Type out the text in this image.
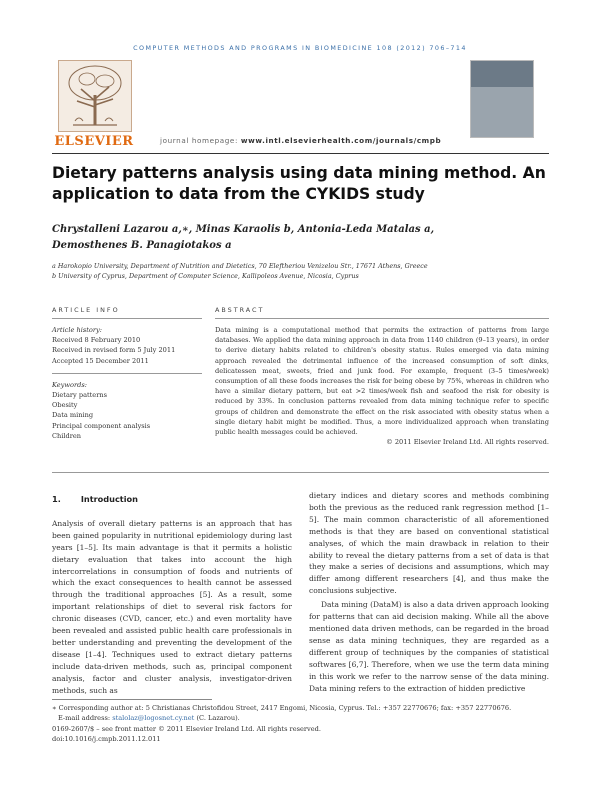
COMPUTER METHODS AND PROGRAMS IN BIOMEDICINE 108 (2012) 706–714
ELSEVIER	journal homepage: www.intl.elsevierhealth.com/journals/cmpb
Dietary patterns analysis using data mining method. An application to data from the CYKIDS study
Chrystalleni Lazarou a,∗, Minas Karaolis b, Antonia-Leda Matalas a,
Demosthenes B. Panagiotakos a
a Harokopio University, Department of Nutrition and Dietetics, 70 Eleftheriou Venizelou Str., 17671 Athens, Greece
b University of Cyprus, Department of Computer Science, Kallipoleos Avenue, Nicosia, Cyprus
ARTICLE INFO	ABSTRACT
Article history:
Received 8 February 2010
Received in revised form 5 July 2011
Accepted 15 December 2011
Keywords:
Dietary patterns
Obesity
Data mining
Principal component analysis
Children
Data mining is a computational method that permits the extraction of patterns from large databases. We applied the data mining approach in data from 1140 children (9–13 years), in order to derive dietary habits related to children's obesity status. Rules emerged via data mining approach revealed the detrimental influence of the increased consumption of soft dinks, delicatessen meat, sweets, fried and junk food. For example, frequent (3–5 times/week) consumption of all these foods increases the risk for being obese by 75%, whereas in children who have a similar dietary pattern, but eat >2 times/week fish and seafood the risk for obesity is reduced by 33%. In conclusion patterns revealed from data mining technique refer to specific groups of children and demonstrate the effect on the risk associated with obesity status when a single dietary habit might be modified. Thus, a more individualized approach when translating public health messages could be achieved.
© 2011 Elsevier Ireland Ltd. All rights reserved.
1. Introduction
Analysis of overall dietary patterns is an approach that has been gained popularity in nutritional epidemiology during last years [1–5]. Its main advantage is that it permits a holistic dietary evaluation that takes into account the high intercorrelations in consumption of foods and nutrients of which the exact consequences to health cannot be assessed through the traditional approaches [5]. As a result, some important relationships of diet to several risk factors for chronic diseases (CVD, cancer, etc.) and even mortality have been revealed and assisted public health care professionals in better understanding and preventing the development of the disease [1–4]. Techniques used to extract dietary patterns include data-driven methods, such as, principal component analysis, factor and cluster analysis, investigator-driven methods, such as
dietary indices and dietary scores and methods combining both the previous as the reduced rank regression method [1–5]. The main common characteristic of all aforementioned methods is that they are based on conventional statistical analyses, of which the main drawback in relation to their ability to reveal the dietary patterns from a set of data is that they make a series of decisions and assumptions, which may differ among different researchers [4], and thus make the conclusions subjective.
Data mining (DataM) is also a data driven approach looking for patterns that can aid decision making. While all the above mentioned data driven methods, can be regarded in the broad sense as data mining techniques, they are regarded as a different group of techniques by the companies of statistical softwares [6,7]. Therefore, when we use the term data mining in this work we refer to the narrow sense of the data mining. Data mining refers to the extraction of hidden predictive
∗ Corresponding author at: 5 Christianas Christofidou Street, 2417 Engomi, Nicosia, Cyprus. Tel.: +357 22770676; fax: +357 22770676.
E-mail address: stalolaz@logosnet.cy.net (C. Lazarou).
0169-2607/$ – see front matter © 2011 Elsevier Ireland Ltd. All rights reserved.
doi:10.1016/j.cmpb.2011.12.011
